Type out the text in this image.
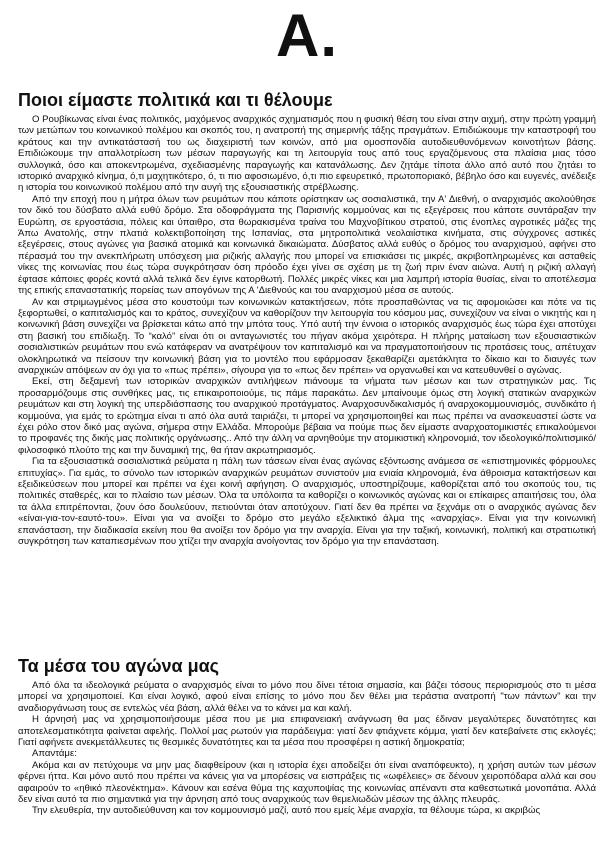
Α.
Ποιοι είμαστε πολιτικά και τι θέλουμε

Ο Ρουβίκωνας είναι ένας πολιτικός, μαχόμενος αναρχικός σχηματισμός που η φυσική θέση του είναι στην αιχμή, στην πρώτη γραμμή των μετώπων του κοινωνικού πολέμου και σκοπός του, η ανατροπή της σημερινής τάξης πραγμάτων. Επιδιώκουμε την καταστροφή του κράτους και την αντικατάστασή του ως διαχειριστή των κοινών, από μια ομοσπονδία αυτοδιευθυνόμενων κοινοτήτων βάσης. Επιδιώκουμε την απαλλοτρίωση των μέσων παραγωγής και τη λειτουργία τους από τους εργαζόμενους στα πλαίσια μιας τόσο συλλογικά, όσο και αποκεντρωμένα, σχεδιασμένης παραγωγής και κατανάλωσης. Δεν ζητάμε τίποτα άλλο από αυτό που ζητάει το ιστορικό αναρχικό κίνημα, ό,τι μαχητικότερο, ό, τι πιο αφοσιωμένο, ό,τι πιο εφευρετικό, πρωτοποριακό, βέβηλο όσο και ευγενές, ανέδειξε η ιστορία του κοινωνικού πολέμου από την αυγή της εξουσιαστικής στρέβλωσης.

Από την εποχή που η μήτρα όλων των ρευμάτων που κάποτε ορίστηκαν ως σοσιαλιστικά, την Α' Διεθνή, ο αναρχισμός ακολούθησε τον δικό του δύσβατο αλλά ευθύ δρόμο. Στα οδοφράγματα της Παρισινής κομμούνας και τις εξεγέρσεις που κάποτε συντάραξαν την Ευρώπη, σε εργοστάσια, πόλεις και ύπαιθρο, στα θωρακισμένα τραίνα του Μαχνοβίτικου στρατού, στις ένοπλες αγροτικές μάζες της Άπω Ανατολής, στην πλατιά κολεκτιβοποίηση της Ισπανίας, στα μητροπολιτικά νεολαιίστικα κινήματα, στις σύγχρονες αστικές εξεγέρσεις, στους αγώνες για βασικά ατομικά και κοινωνικά δικαιώματα. Δύσβατος αλλά ευθύς ο δρόμος του αναρχισμού, αφήνει στο πέρασμά του την ανεκπλήρωτη υπόσχεση μια ριζικής αλλαγής που μπορεί να επισκιάσει τις μικρές, ακριβοπληρωμένες και ασταθείς νίκες της κοινωνίας που έως τώρα συγκρότησαν όση πρόοδο έχει γίνει σε σχέση με τη ζωή πριν έναν αιώνα. Αυτή η ριζική αλλαγή έφτασε κάποιες φορές κοντά αλλά τελικά δεν έγινε κατορθωτή. Πολλές μικρές νίκες και μια λαμπρή ιστορία θυσίας, είναι το αποτέλεσμα της επικής επαναστατικής πορείας των απογόνων της Α 'Διεθνούς και του αναρχισμού μέσα σε αυτούς.

Αν και στριμωγμένος μέσα στο κουστούμι των κοινωνικών κατακτήσεων, πότε προσπαθώντας να τις αφομοιώσει και πότε να τις ξεφορτωθεί, ο καπιταλισμός και το κράτος, συνεχίζουν να καθορίζουν την λειτουργία του κόσμου μας, συνεχίζουν να είναι ο νικητής και η κοινωνική βάση συνεχίζει να βρίσκεται κάτω από την μπότα τους. Υπό αυτή την έννοια ο ιστορικός αναρχισμός έως τώρα έχει αποτύχει στη βασική του επιδίωξη. Το “καλό” είναι ότι οι ανταγωνιστές του πήγαν ακόμα χειρότερα. Η πλήρης ματαίωση των εξουσιαστικών σοσιαλιστικών ρευμάτων που ενώ κατάφεραν να ανατρέψουν τον καπιταλισμό και να πραγματοποιήσουν τις προτάσεις τους, απέτυχαν ολοκληρωτικά να πείσουν την κοινωνική βάση για το μοντέλο που εφάρμοσαν ξεκαθαρίζει αμετάκλητα το δίκαιο και το διαυγές των αναρχικών απόψεων αν όχι για το «πως πρέπει», σίγουρα για το «πως δεν πρέπει» να οργανωθεί και να κατευθυνθεί ο αγώνας.

Εκεί, στη δεξαμενή των ιστορικών αναρχικών αντιλήψεων πιάνουμε τα νήματα των μέσων και των στρατηγικών μας. Τις προσαρμόζουμε στις συνθήκες μας, τις επικαιροποιούμε, τις πάμε παρακάτω. Δεν μπαίνουμε όμως στη λογική στατικών αναρχικών ρευμάτων και στη λογική της υπερδιάσπασης του αναρχικού προτάγματος. Αναρχοσυνδικαλισμός ή αναρχοκομμουνισμός, συνδικάτο ή κομμούνα, για εμάς το ερώτημα είναι τι από όλα αυτά ταιριάζει, τι μπορεί να χρησιμοποιηθεί και πως πρέπει να ανασκευαστεί ώστε να έχει ρόλο στον δικό μας αγώνα, σήμερα στην Ελλάδα. Μπορούμε βέβαια να πούμε πως δεν είμαστε αναρχοατομικιστές επικαλούμενοι το προφανές της δικής μας πολιτικής οργάνωσης.. Από την άλλη να αρνηθούμε την ατομικιστική κληρονομιά, τον ιδεολογικό/πολιτισμικό/φιλοσοφικό πλούτο της και την δυναμική της, θα ήταν ακρωτηριασμός.

Για τα εξουσιαστικά σοσιαλιστικά ρεύματα η πάλη των τάσεων είναι ένας αγώνας εξόντωσης ανάμεσα σε «επιστημονικές φόρμουλες επιτυχίας». Για εμάς, το σύνολο των ιστορικών αναρχικών ρευμάτων συνιστούν μια ενιαία κληρονομιά, ένα άθροισμα κατακτήσεων και εξειδικεύσεων που μπορεί και πρέπει να έχει κοινή αφήγηση. Ο αναρχισμός, υποστηρίζουμε, καθορίζεται από του σκοπούς του, τις πολιτικές σταθερές, και το πλαίσιο των μέσων. Όλα τα υπόλοιπα τα καθορίζει ο κοινωνικός αγώνας και οι επίκαιρες απαιτήσεις του, όλα τα άλλα επιτρέπονται, ζουν όσο δουλεύουν, πετιούνται όταν αποτύχουν. Γιατί δεν θα πρέπει να ξεχνάμε οτι ο αναρχικός αγώνας δεν «είναι-για-τον-εαυτό-του». Είναι για να ανοίξει το δρόμο στο μεγάλο εξελικτικό άλμα της «αναρχίας». Είναι για την κοινωνική επανάσταση, την διαδικασία εκείνη που θα ανοίξει τον δρόμο για την αναρχία. Είναι για την ταξική, κοινωνική, πολιτική και στρατιωτική συγκρότηση των καταπιεσμένων που χτίζει την αναρχία ανοίγοντας τον δρόμο για την επανάσταση.

Τα μέσα του αγώνα μας

Από όλα τα ιδεολογικά ρεύματα ο αναρχισμός είναι το μόνο που δίνει τέτοια σημασία, και βάζει τόσους περιορισμούς στο τι μέσα μπορεί να χρησιμοποιεί. Και είναι λογικό, αφού είναι επίσης το μόνο που δεν θέλει μια τεράστια ανατροπή "των πάντων" και την αναδιοργάνωση τους σε εντελώς νέα βάση, αλλά θέλει να το κάνει μα και καλή.

Η άρνησή μας να χρησιμοποιήσουμε μέσα που με μια επιφανειακή ανάγνωση θα μας έδιναν μεγαλύτερες δυνατότητες και αποτελεσματικότητα φαίνεται αφελής. Πολλοί μας ρωτούν για παράδειγμα: γιατί δεν φτιάχνετε κόμμα, γιατί δεν κατεβαίνετε στις εκλογές; Γιατί αφήνετε ανεκμετάλλευτες τις θεσμικές δυνατότητες και τα μέσα που προσφέρει η αστική δημοκρατία;

Απαντάμε:

Ακόμα και αν πετύχουμε να μην μας διαφθείρουν (και η ιστορία έχει αποδείξει ότι είναι αναπόφευκτο), η χρήση αυτών των μέσων φέρνει ήττα. Και μόνο αυτό που πρέπει να κάνεις για να μπορέσεις να εισπράξεις τις «ωφέλειες» σε δένουν χειροπόδαρα αλλά και σου αφαιρούν το «ηθικό πλεονέκτημα». Κάνουν και εσένα θύμα της καχυποψίας της κοινωνίας απέναντι στα καθεστωτικά μονοπάτια. Αλλά δεν είναι αυτό τα πιο σημαντικά για την άρνηση από τους αναρχικούς των θεμελιωδών μέσων της άλλης πλευράς.

Την ελευθερία, την αυτοδιεύθυνση και τον κομμουνισμό μαζί, αυτό που εμείς λέμε αναρχία, τα θέλουμε τώρα, κι ακριβώς
